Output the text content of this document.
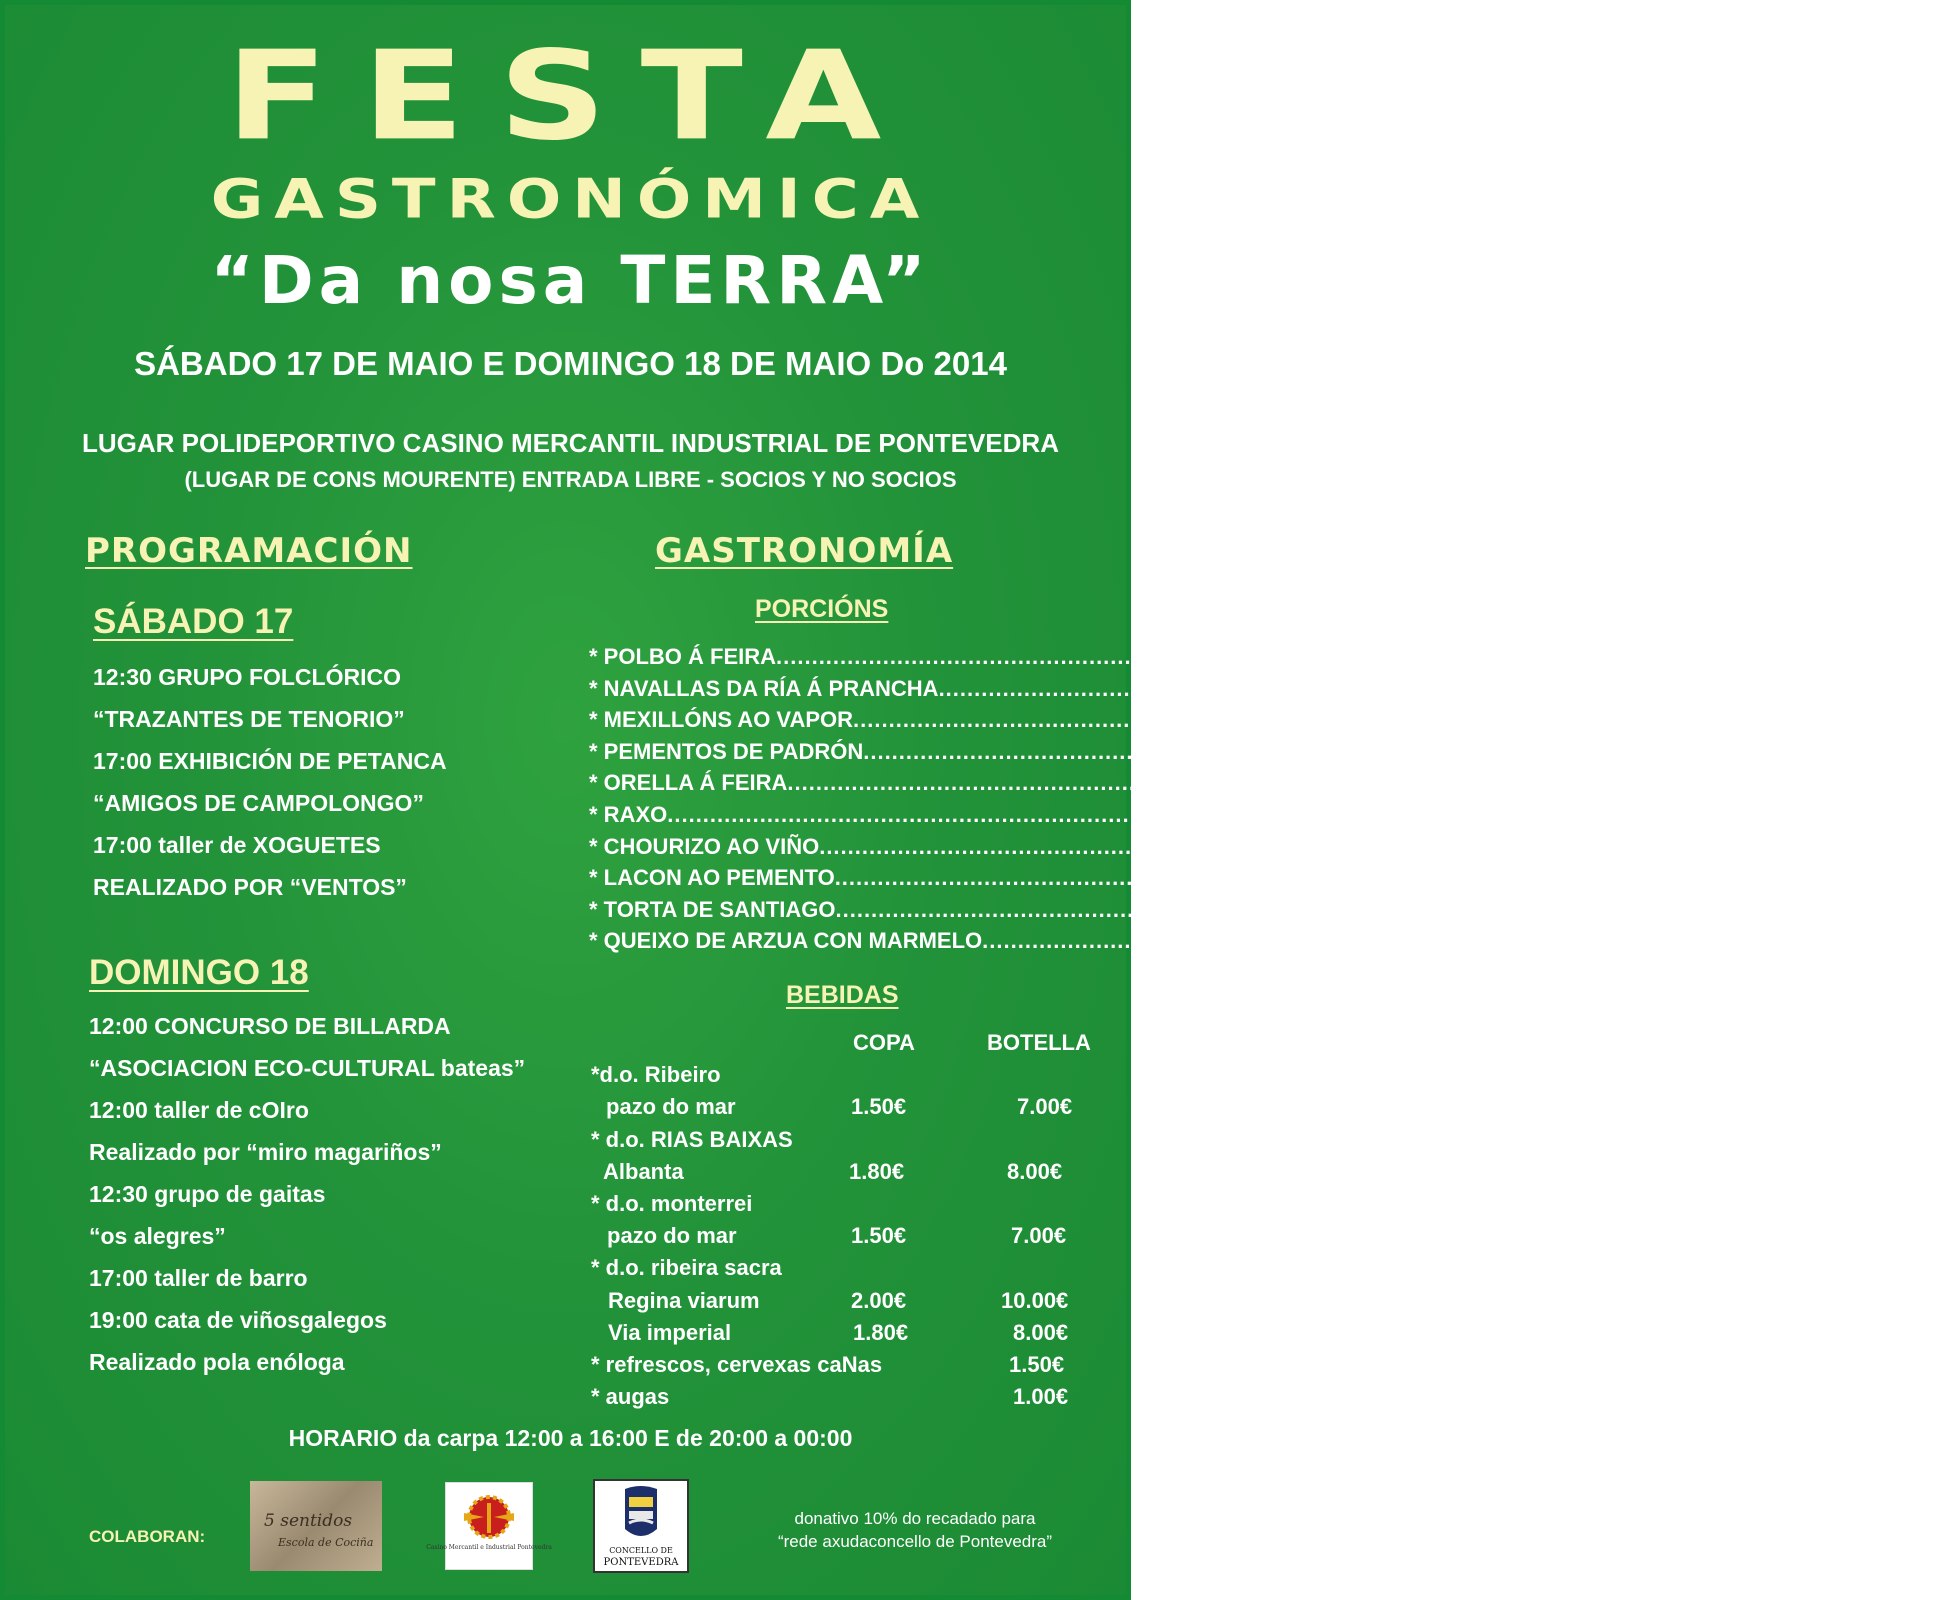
FESTA
GASTRONÓMICA
“Da nosa TERRA”
SÁBADO 17 DE MAIO E DOMINGO 18 DE MAIO Do 2014
LUGAR POLIDEPORTIVO CASINO MERCANTIL INDUSTRIAL DE PONTEVEDRA
(LUGAR DE CONS MOURENTE) ENTRADA LIBRE - SOCIOS Y NO SOCIOS
PROGRAMACIÓN
SÁBADO 17
12:30 GRUPO FOLCLÓRICO
“TRAZANTES DE TENORIO”
17:00 EXHIBICIÓN DE PETANCA
“AMIGOS DE CAMPOLONGO”
17:00 taller de XOGUETES
REALIZADO POR “VENTOS”
DOMINGO 18
12:00 CONCURSO DE BILLARDA
“ASOCIACION ECO-CULTURAL bateas”
12:00 taller de cOIro
Realizado por “miro magariños”
12:30 grupo de gaitas
“os alegres”
17:00 taller de barro
19:00 cata de viñosgalegos
Realizado pola enóloga
GASTRONOMÍA
PORCIÓNS
* POLBO Á FEIRA .....	8€
* NAVALLAS DA RÍA Á PRANCHA .....	8€
* MEXILLÓNS AO VAPOR .....	4€
* PEMENTOS DE PADRÓN .....	4€
* ORELLA Á FEIRA .....	4€
* RAXO .....	5.50€
* CHOURIZO AO VIÑO .....	3€
* LACON AO PEMENTO .....	7€
* TORTA DE SANTIAGO .....	3€
* QUEIXO DE ARZUA CON MARMELO .....	3€
BEBIDAS
COPA	BOTELLA
*d.o. Ribeiro
pazo do mar	1.50€	7.00€
* d.o. RIAS BAIXAS
Albanta	1.80€	8.00€
* d.o. monterrei
pazo do mar	1.50€	7.00€
* d.o. ribeira sacra
Regina viarum	2.00€	10.00€
Via imperial	1.80€	8.00€
* refrescos, cervexas caNas	1.50€
* augas	1.00€
HORARIO da carpa 12:00 a 16:00 E de 20:00 a 00:00
COLABORAN:
5 sentidos
Escola de Cociña	Casino Mercantil e Industrial Pontevedra	CONCELLO DE
PONTEVEDRA
donativo 10% do recadado para
“rede axudaconcello de Pontevedra”
